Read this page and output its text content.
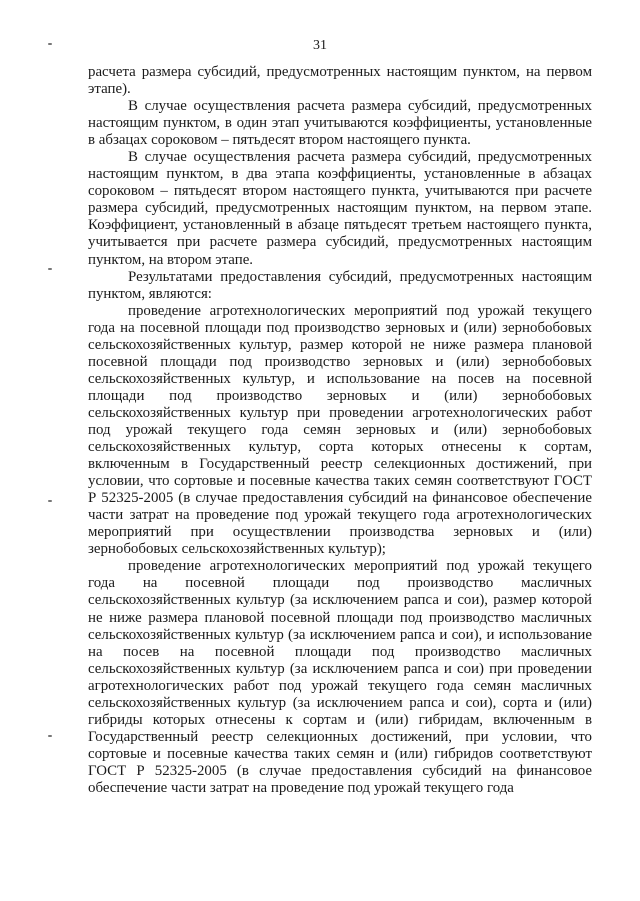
31

расчета размера субсидий, предусмотренных настоящим пунктом, на первом этапе).

В случае осуществления расчета размера субсидий, предусмотренных настоящим пунктом, в один этап учитываются коэффициенты, установленные в абзацах сороковом – пятьдесят втором настоящего пункта.

В случае осуществления расчета размера субсидий, предусмотренных настоящим пунктом, в два этапа коэффициенты, установленные в абзацах сороковом – пятьдесят втором настоящего пункта, учитываются при расчете размера субсидий, предусмотренных настоящим пунктом, на первом этапе. Коэффициент, установленный в абзаце пятьдесят третьем настоящего пункта, учитывается при расчете размера субсидий, предусмотренных настоящим пунктом, на втором этапе.

Результатами предоставления субсидий, предусмотренных настоящим пунктом, являются:

проведение агротехнологических мероприятий под урожай текущего года на посевной площади под производство зерновых и (или) зернобобовых сельскохозяйственных культур, размер которой не ниже размера плановой посевной площади под производство зерновых и (или) зернобобовых сельскохозяйственных культур, и использование на посев на посевной площади под производство зерновых и (или) зернобобовых сельскохозяйственных культур при проведении агротехнологических работ под урожай текущего года семян зерновых и (или) зернобобовых сельскохозяйственных культур, сорта которых отнесены к сортам, включенным в Государственный реестр селекционных достижений, при условии, что сортовые и посевные качества таких семян соответствуют ГОСТ Р 52325-2005 (в случае предоставления субсидий на финансовое обеспечение части затрат на проведение под урожай текущего года агротехнологических мероприятий при осуществлении производства зерновых и (или) зернобобовых сельскохозяйственных культур);

проведение агротехнологических мероприятий под урожай текущего года на посевной площади под производство масличных сельскохозяйственных культур (за исключением рапса и сои), размер которой не ниже размера плановой посевной площади под производство масличных сельскохозяйственных культур (за исключением рапса и сои), и использование на посев на посевной площади под производство масличных сельскохозяйственных культур (за исключением рапса и сои) при проведении агротехнологических работ под урожай текущего года семян масличных сельскохозяйственных культур (за исключением рапса и сои), сорта и (или) гибриды которых отнесены к сортам и (или) гибридам, включенным в Государственный реестр селекционных достижений, при условии, что сортовые и посевные качества таких семян и (или) гибридов соответствуют ГОСТ Р 52325-2005 (в случае предоставления субсидий на финансовое обеспечение части затрат на проведение под урожай текущего года
